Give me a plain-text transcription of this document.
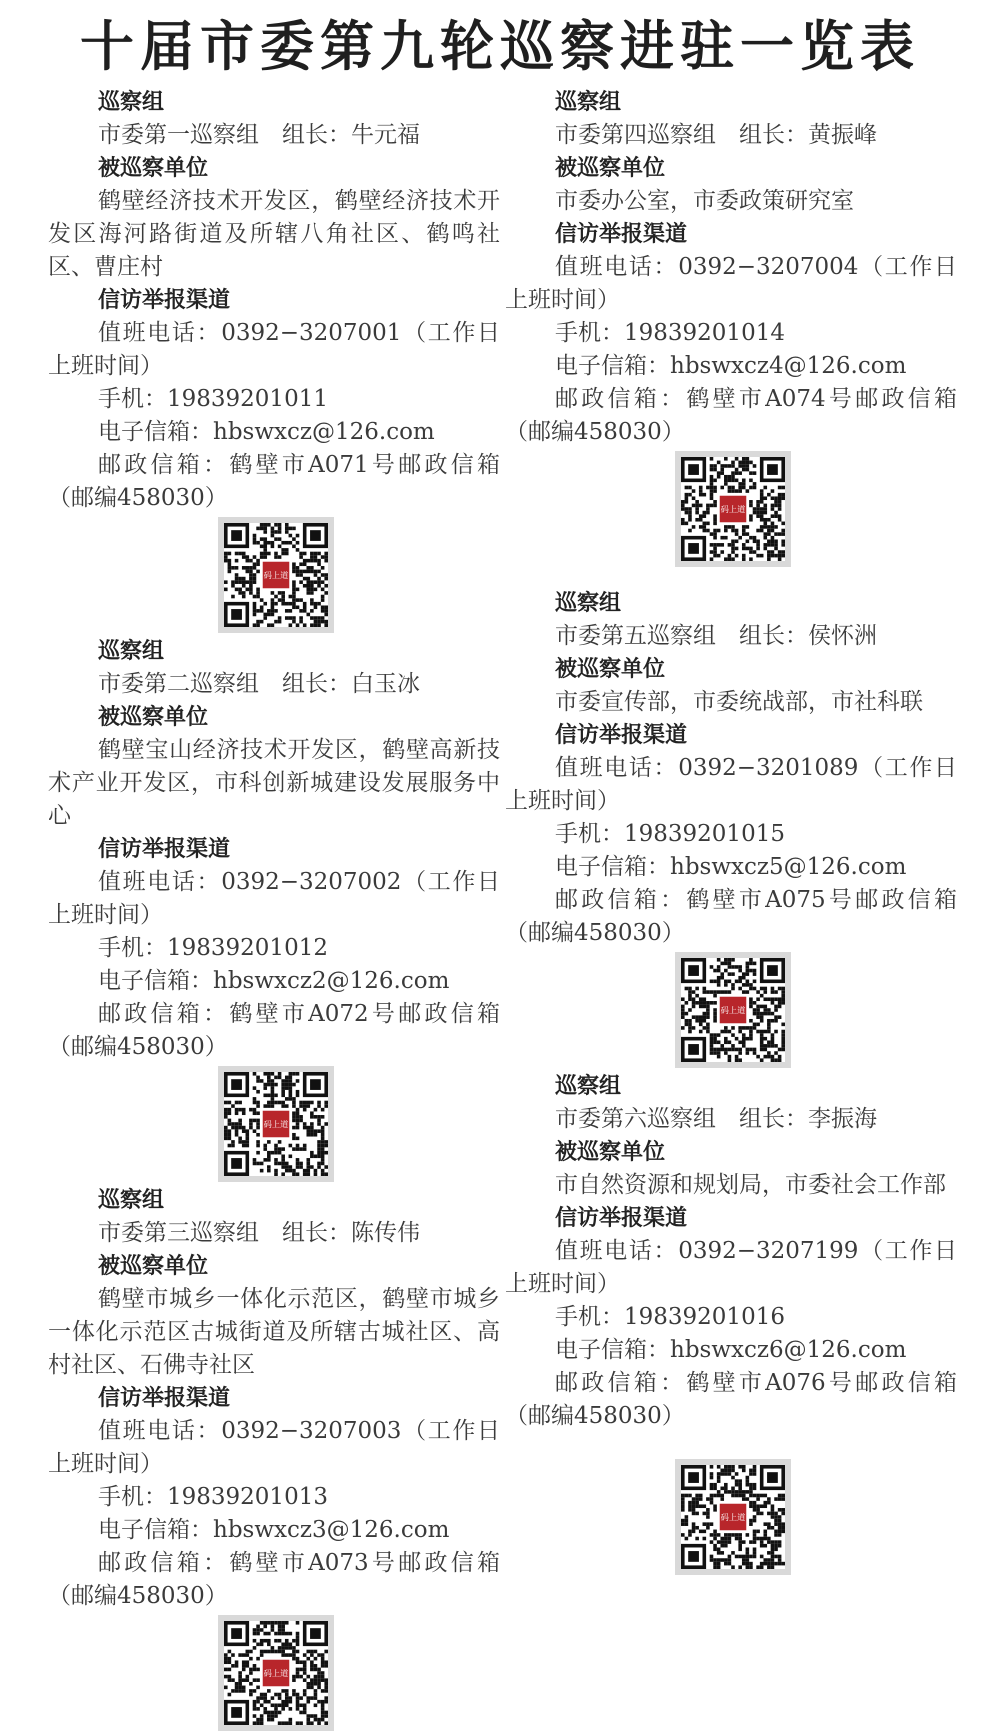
十届市委第九轮巡察进驻一览表
巡察组
市委第一巡察组　组长：牛元福
被巡察单位

鹤壁经济技术开发区，鹤壁经济技术开发区海河路街道及所辖八角社区、鹤鸣社区、曹庄村

信访举报渠道

值班电话：0392−3207001（工作日上班时间）

手机：19839201011
电子信箱：hbswxcz@126.com

邮政信箱：鹤壁市A071号邮政信箱（邮编458030）

码上道
巡察组
市委第二巡察组　组长：白玉冰
被巡察单位

鹤壁宝山经济技术开发区，鹤壁高新技术产业开发区，市科创新城建设发展服务中心

信访举报渠道

值班电话：0392−3207002（工作日上班时间）

手机：19839201012
电子信箱：hbswxcz2@126.com

邮政信箱：鹤壁市A072号邮政信箱（邮编458030）

码上道
巡察组
市委第三巡察组　组长：陈传伟
被巡察单位

鹤壁市城乡一体化示范区，鹤壁市城乡一体化示范区古城街道及所辖古城社区、高村社区、石佛寺社区

信访举报渠道

值班电话：0392−3207003（工作日上班时间）

手机：19839201013
电子信箱：hbswxcz3@126.com

邮政信箱：鹤壁市A073号邮政信箱（邮编458030）

码上道
巡察组
市委第四巡察组　组长：黄振峰
被巡察单位

市委办公室，市委政策研究室

信访举报渠道

值班电话：0392−3207004（工作日上班时间）

手机：19839201014
电子信箱：hbswxcz4@126.com

邮政信箱：鹤壁市A074号邮政信箱（邮编458030）

码上道
巡察组
市委第五巡察组　组长：侯怀洲
被巡察单位

市委宣传部，市委统战部，市社科联

信访举报渠道

值班电话：0392−3201089（工作日上班时间）

手机：19839201015
电子信箱：hbswxcz5@126.com

邮政信箱：鹤壁市A075号邮政信箱（邮编458030）

码上道
巡察组
市委第六巡察组　组长：李振海
被巡察单位

市自然资源和规划局，市委社会工作部

信访举报渠道

值班电话：0392−3207199（工作日上班时间）

手机：19839201016
电子信箱：hbswxcz6@126.com

邮政信箱：鹤壁市A076号邮政信箱（邮编458030）

码上道
